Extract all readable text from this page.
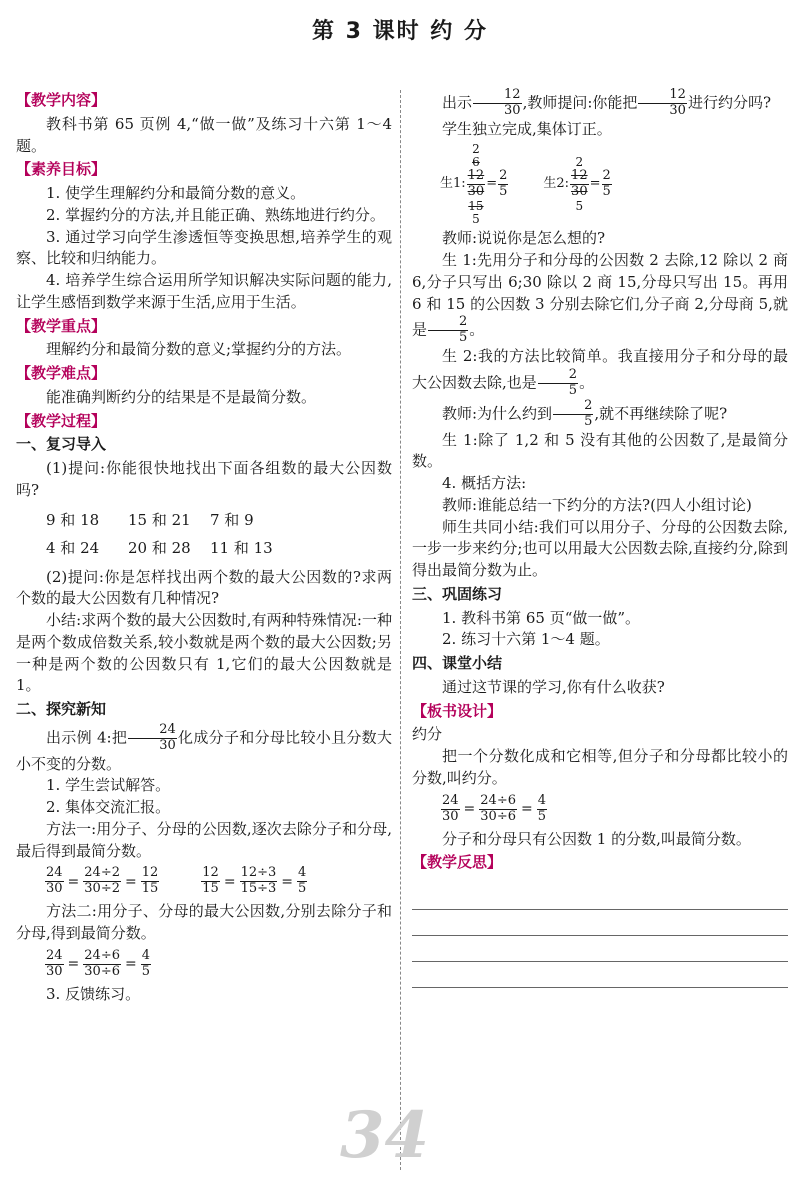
第 3 课时 约 分
【教学内容】

教科书第 65 页例 4,“做一做”及练习十六第 1～4 题。

【素养目标】

1. 使学生理解约分和最简分数的意义。

2. 掌握约分的方法,并且能正确、熟练地进行约分。

3. 通过学习向学生渗透恒等变换思想,培养学生的观察、比较和归纳能力。

4. 培养学生综合运用所学知识解决实际问题的能力,让学生感悟到数学来源于生活,应用于生活。

【教学重点】

理解约分和最简分数的意义;掌握约分的方法。

【教学难点】

能准确判断约分的结果是不是最简分数。

【教学过程】
一、复习导入

(1)提问:你能很快地找出下面各组数的最大公因数吗?

9 和 18	15 和 21	7 和 9
4 和 24	20 和 28	11 和 13

(2)提问:你是怎样找出两个数的最大公因数的?求两个数的最大公因数有几种情况?

小结:求两个数的最大公因数时,有两种特殊情况:一种是两个数成倍数关系,较小数就是两个数的最大公因数;另一种是两个数的公因数只有 1,它们的最大公因数就是 1。

二、探究新知

出示例 4:把 $\frac{24}{30}$ 化成分子和分母比较小且分数大小不变的分数。

1. 学生尝试解答。

2. 集体交流汇报。

方法一:用分子、分母的公因数,逐次去除分子和分母,最后得到最简分数。

$\frac{24}{30} = \frac{24\div 2}{30\div 2} = \frac{12}{15}$	$\frac{12}{15} = \frac{12\div 3}{15\div 3} = \frac{4}{5}$

方法二:用分子、分母的最大公因数,分别去除分子和分母,得到最简分数。

$\frac{24}{30} = \frac{24\div 6}{30\div 6} = \frac{4}{5}$

3. 反馈练习。

出示 $\frac{12}{30}$ ,教师提问:你能把 $\frac{12}{30}$ 进行约分吗?

学生独立完成,集体订正。

生1:
2
6
$\frac{12}{30}$
15
5
= $\frac{2}{5}$	生2:
2
$\frac{12}{30}$
5
= $\frac{2}{5}$

教师:说说你是怎么想的?

生 1:先用分子和分母的公因数 2 去除,12 除以 2 商 6,分子只写出 6;30 除以 2 商 15,分母只写出 15。再用 6 和 15 的公因数 3 分别去除它们,分子商 2,分母商 5,就是 $\frac{2}{5}$ 。

生 2:我的方法比较简单。我直接用分子和分母的最大公因数去除,也是 $\frac{2}{5}$ 。

教师:为什么约到 $\frac{2}{5}$ ,就不再继续除了呢?

生 1:除了 1,2 和 5 没有其他的公因数了,是最简分数。

4. 概括方法:

教师:谁能总结一下约分的方法?(四人小组讨论)

师生共同小结:我们可以用分子、分母的公因数去除,一步一步来约分;也可以用最大公因数去除,直接约分,除到得出最简分数为止。

三、巩固练习

1. 教科书第 65 页“做一做”。

2. 练习十六第 1～4 题。

四、课堂小结

通过这节课的学习,你有什么收获?

【板书设计】

约分

把一个分数化成和它相等,但分子和分母都比较小的分数,叫约分。

$\frac{24}{30} = \frac{24\div 6}{30\div 6} = \frac{4}{5}$

分子和分母只有公因数 1 的分数,叫最简分数。

【教学反思】
34
